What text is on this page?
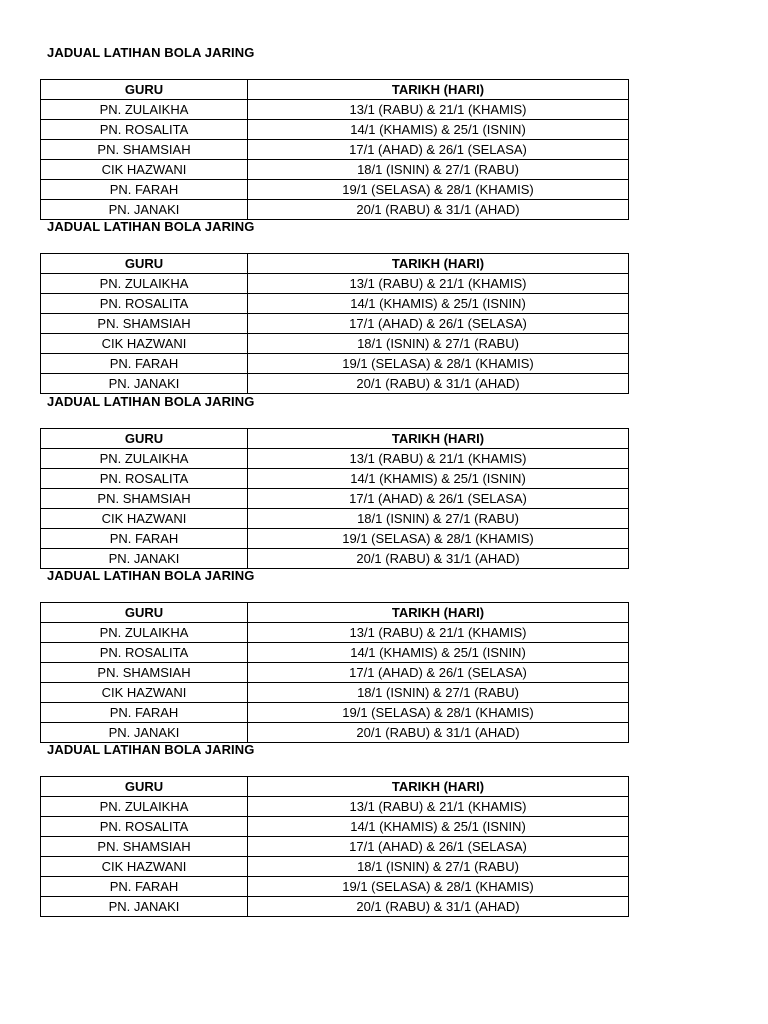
JADUAL LATIHAN BOLA JARING
GURU	TARIKH (HARI)
PN. ZULAIKHA	13/1 (RABU) & 21/1 (KHAMIS)
PN. ROSALITA	14/1 (KHAMIS) & 25/1 (ISNIN)
PN. SHAMSIAH	17/1 (AHAD) & 26/1 (SELASA)
CIK HAZWANI	18/1 (ISNIN) & 27/1 (RABU)
PN. FARAH	19/1 (SELASA) & 28/1 (KHAMIS)
PN. JANAKI	20/1 (RABU) & 31/1 (AHAD)
JADUAL LATIHAN BOLA JARING
GURU	TARIKH (HARI)
PN. ZULAIKHA	13/1 (RABU) & 21/1 (KHAMIS)
PN. ROSALITA	14/1 (KHAMIS) & 25/1 (ISNIN)
PN. SHAMSIAH	17/1 (AHAD) & 26/1 (SELASA)
CIK HAZWANI	18/1 (ISNIN) & 27/1 (RABU)
PN. FARAH	19/1 (SELASA) & 28/1 (KHAMIS)
PN. JANAKI	20/1 (RABU) & 31/1 (AHAD)
JADUAL LATIHAN BOLA JARING
GURU	TARIKH (HARI)
PN. ZULAIKHA	13/1 (RABU) & 21/1 (KHAMIS)
PN. ROSALITA	14/1 (KHAMIS) & 25/1 (ISNIN)
PN. SHAMSIAH	17/1 (AHAD) & 26/1 (SELASA)
CIK HAZWANI	18/1 (ISNIN) & 27/1 (RABU)
PN. FARAH	19/1 (SELASA) & 28/1 (KHAMIS)
PN. JANAKI	20/1 (RABU) & 31/1 (AHAD)
JADUAL LATIHAN BOLA JARING
GURU	TARIKH (HARI)
PN. ZULAIKHA	13/1 (RABU) & 21/1 (KHAMIS)
PN. ROSALITA	14/1 (KHAMIS) & 25/1 (ISNIN)
PN. SHAMSIAH	17/1 (AHAD) & 26/1 (SELASA)
CIK HAZWANI	18/1 (ISNIN) & 27/1 (RABU)
PN. FARAH	19/1 (SELASA) & 28/1 (KHAMIS)
PN. JANAKI	20/1 (RABU) & 31/1 (AHAD)
JADUAL LATIHAN BOLA JARING
GURU	TARIKH (HARI)
PN. ZULAIKHA	13/1 (RABU) & 21/1 (KHAMIS)
PN. ROSALITA	14/1 (KHAMIS) & 25/1 (ISNIN)
PN. SHAMSIAH	17/1 (AHAD) & 26/1 (SELASA)
CIK HAZWANI	18/1 (ISNIN) & 27/1 (RABU)
PN. FARAH	19/1 (SELASA) & 28/1 (KHAMIS)
PN. JANAKI	20/1 (RABU) & 31/1 (AHAD)
